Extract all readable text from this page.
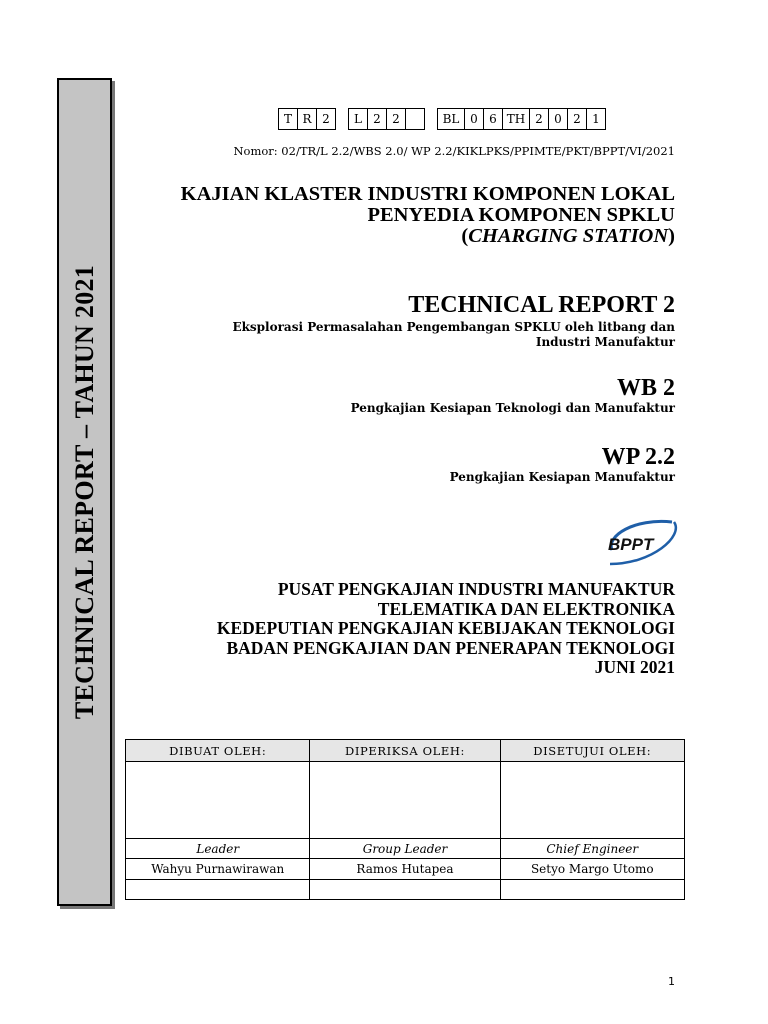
TECHNICAL REPORT – TAHUN 2021
T	R	2		L	2	2			BL	0	6	TH	2	0	2	1
Nomor: 02/TR/L 2.2/WBS 2.0/ WP 2.2/KIKLPKS/PPIMTE/PKT/BPPT/VI/2021
KAJIAN KLASTER INDUSTRI KOMPONEN LOKAL
PENYEDIA KOMPONEN SPKLU
(CHARGING STATION)
TECHNICAL REPORT 2
Eksplorasi Permasalahan Pengembangan SPKLU oleh litbang dan
Industri Manufaktur
WB 2
Pengkajian Kesiapan Teknologi dan Manufaktur
WP 2.2
Pengkajian Kesiapan Manufaktur
BPPT
PUSAT PENGKAJIAN INDUSTRI MANUFAKTUR
TELEMATIKA DAN ELEKTRONIKA
KEDEPUTIAN PENGKAJIAN KEBIJAKAN TEKNOLOGI
BADAN PENGKAJIAN DAN PENERAPAN TEKNOLOGI
JUNI 2021
DIBUAT OLEH:	DIPERIKSA OLEH:	DISETUJUI OLEH:

Leader	Group Leader	Chief Engineer
Wahyu Purnawirawan	Ramos Hutapea	Setyo Margo Utomo

1
